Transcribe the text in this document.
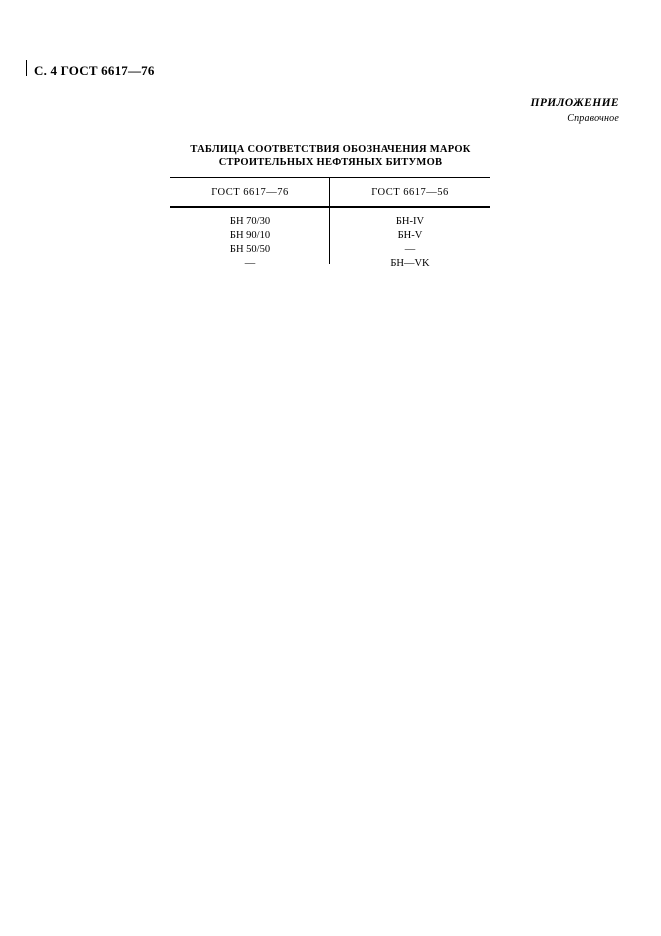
С. 4 ГОСТ 6617—76
ПРИЛОЖЕНИЕ
Справочное
ТАБЛИЦА СООТВЕТСТВИЯ ОБОЗНАЧЕНИЯ МАРОК
СТРОИТЕЛЬНЫХ НЕФТЯНЫХ БИТУМОВ
ГОСТ 6617—76	ГОСТ 6617—56
БН 70/30
БН 90/10
БН 50/50
—
БН-IV
БН-V
—
БН—VK
